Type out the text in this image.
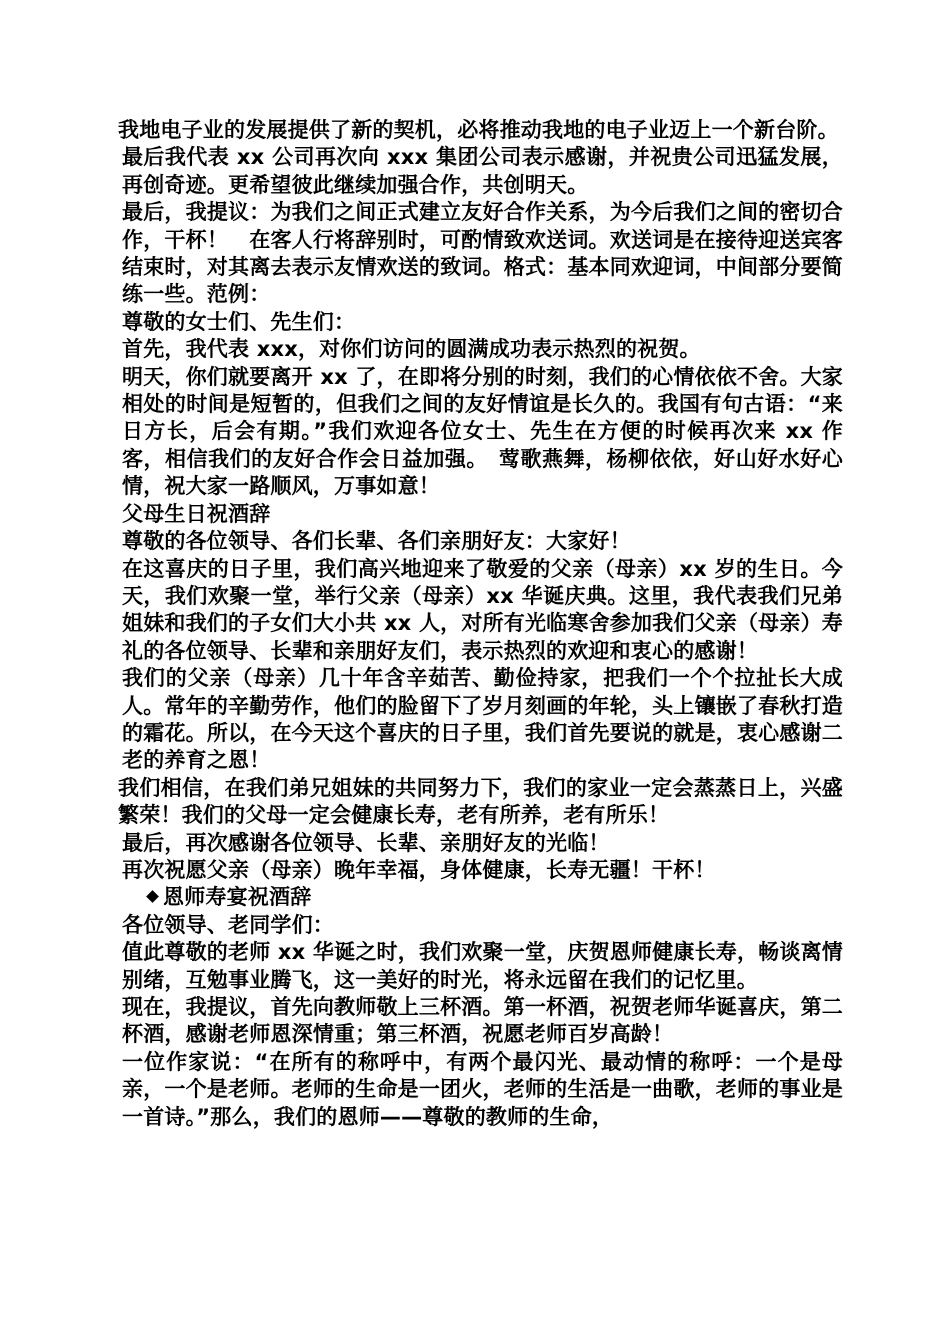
我地电子业的发展提供了新的契机，必将推动我地的电子业迈上一个新台阶。

最后我代表 xx 公司再次向 xxx 集团公司表示感谢，并祝贵公司迅猛发展，再创奇迹。更希望彼此继续加强合作，共创明天。

最后，我提议：为我们之间正式建立友好合作关系，为今后我们之间的密切合作，干杯！　在客人行将辞别时，可酌情致欢送词。欢送词是在接待迎送宾客结束时，对其离去表示友情欢送的致词。格式：基本同欢迎词，中间部分要简练一些。范例：

尊敬的女士们、先生们：

首先，我代表 xxx，对你们访问的圆满成功表示热烈的祝贺。

明天，你们就要离开 xx 了，在即将分别的时刻，我们的心情依依不舍。大家相处的时间是短暂的，但我们之间的友好情谊是长久的。我国有句古语：“来日方长，后会有期。”我们欢迎各位女士、先生在方便的时候再次来 xx 作客，相信我们的友好合作会日益加强。　莺歌燕舞，杨柳依依，好山好水好心情，祝大家一路顺风，万事如意！

父母生日祝酒辞

尊敬的各位领导、各们长辈、各们亲朋好友：大家好！

在这喜庆的日子里，我们高兴地迎来了敬爱的父亲（母亲）xx 岁的生日。今天，我们欢聚一堂，举行父亲（母亲）xx 华诞庆典。这里，我代表我们兄弟姐妹和我们的子女们大小共 xx 人，对所有光临寒舍参加我们父亲（母亲）寿礼的各位领导、长辈和亲朋好友们，表示热烈的欢迎和衷心的感谢！

我们的父亲（母亲）几十年含辛茹苦、勤俭持家，把我们一个个拉扯长大成人。常年的辛勤劳作，他们的脸留下了岁月刻画的年轮，头上镶嵌了春秋打造的霜花。所以，在今天这个喜庆的日子里，我们首先要说的就是，衷心感谢二老的养育之恩！

我们相信，在我们弟兄姐妹的共同努力下，我们的家业一定会蒸蒸日上，兴盛繁荣！我们的父母一定会健康长寿，老有所养，老有所乐！

最后，再次感谢各位领导、长辈、亲朋好友的光临！

再次祝愿父亲（母亲）晚年幸福，身体健康，长寿无疆！干杯！

恩师寿宴祝酒辞

各位领导、老同学们：

值此尊敬的老师 xx 华诞之时，我们欢聚一堂，庆贺恩师健康长寿，畅谈离情别绪，互勉事业腾飞，这一美好的时光，将永远留在我们的记忆里。

现在，我提议，首先向教师敬上三杯酒。第一杯酒，祝贺老师华诞喜庆，第二杯酒，感谢老师恩深情重；第三杯酒，祝愿老师百岁高龄！

一位作家说：“在所有的称呼中，有两个最闪光、最动情的称呼：一个是母亲，一个是老师。老师的生命是一团火，老师的生活是一曲歌，老师的事业是一首诗。”那么，我们的恩师——尊敬的教师的生命，
